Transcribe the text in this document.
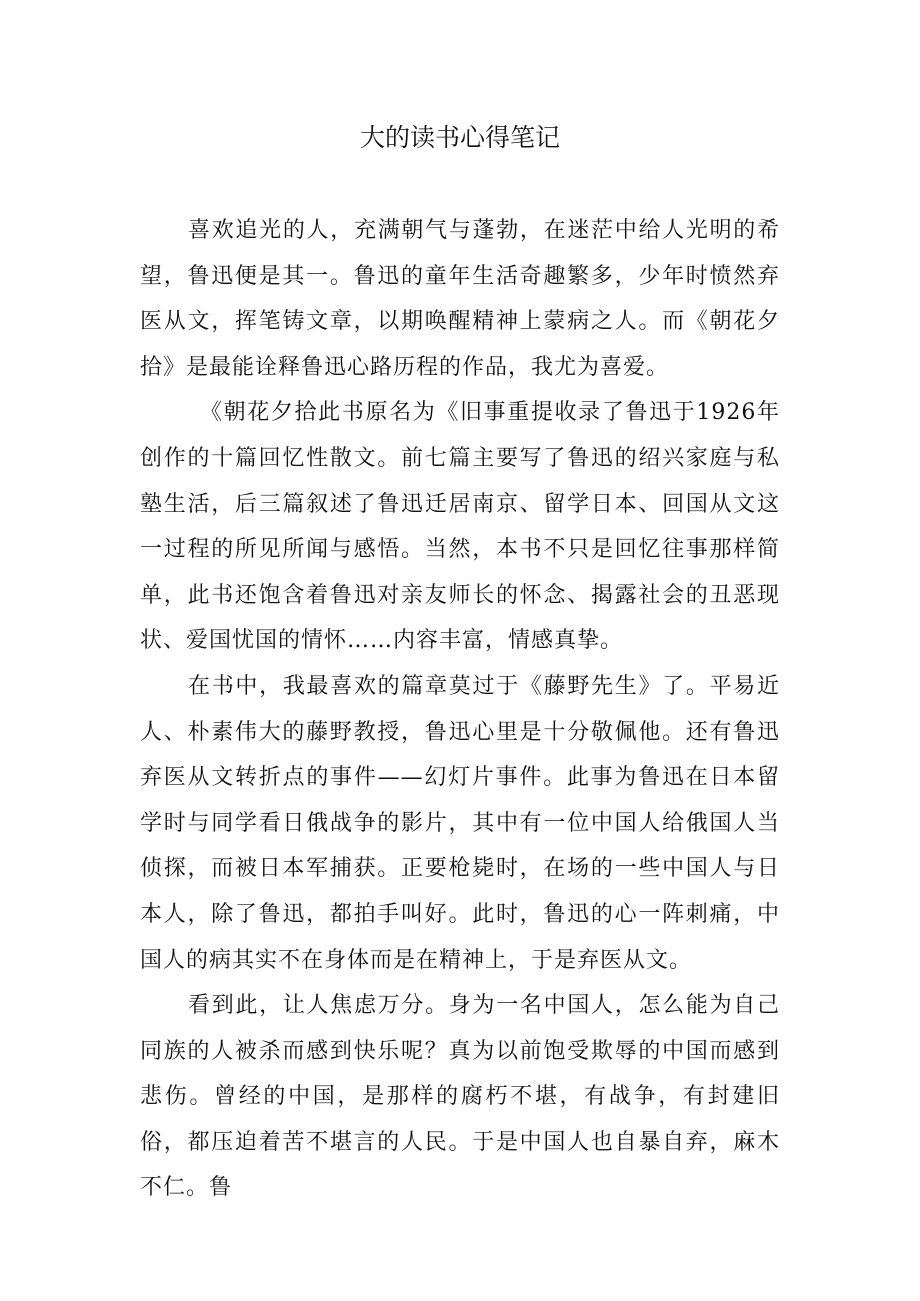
大的读书心得笔记

喜欢追光的人，充满朝气与蓬勃，在迷茫中给人光明的希望，鲁迅便是其一。鲁迅的童年生活奇趣繁多，少年时愤然弃医从文，挥笔铸文章，以期唤醒精神上蒙病之人。而《朝花夕拾》是最能诠释鲁迅心路历程的作品，我尤为喜爱。

《朝花夕拾此书原名为《旧事重提收录了鲁迅于1926年创作的十篇回忆性散文。前七篇主要写了鲁迅的绍兴家庭与私塾生活，后三篇叙述了鲁迅迁居南京、留学日本、回国从文这一过程的所见所闻与感悟。当然，本书不只是回忆往事那样简单，此书还饱含着鲁迅对亲友师长的怀念、揭露社会的丑恶现状、爱国忧国的情怀……内容丰富，情感真挚。

在书中，我最喜欢的篇章莫过于《藤野先生》了。平易近人、朴素伟大的藤野教授，鲁迅心里是十分敬佩他。还有鲁迅弃医从文转折点的事件——幻灯片事件。此事为鲁迅在日本留学时与同学看日俄战争的影片，其中有一位中国人给俄国人当侦探，而被日本军捕获。正要枪毙时，在场的一些中国人与日本人，除了鲁迅，都拍手叫好。此时，鲁迅的心一阵刺痛，中国人的病其实不在身体而是在精神上，于是弃医从文。

看到此，让人焦虑万分。身为一名中国人，怎么能为自己同族的人被杀而感到快乐呢？真为以前饱受欺辱的中国而感到悲伤。曾经的中国，是那样的腐朽不堪，有战争，有封建旧俗，都压迫着苦不堪言的人民。于是中国人也自暴自弃，麻木不仁。鲁
